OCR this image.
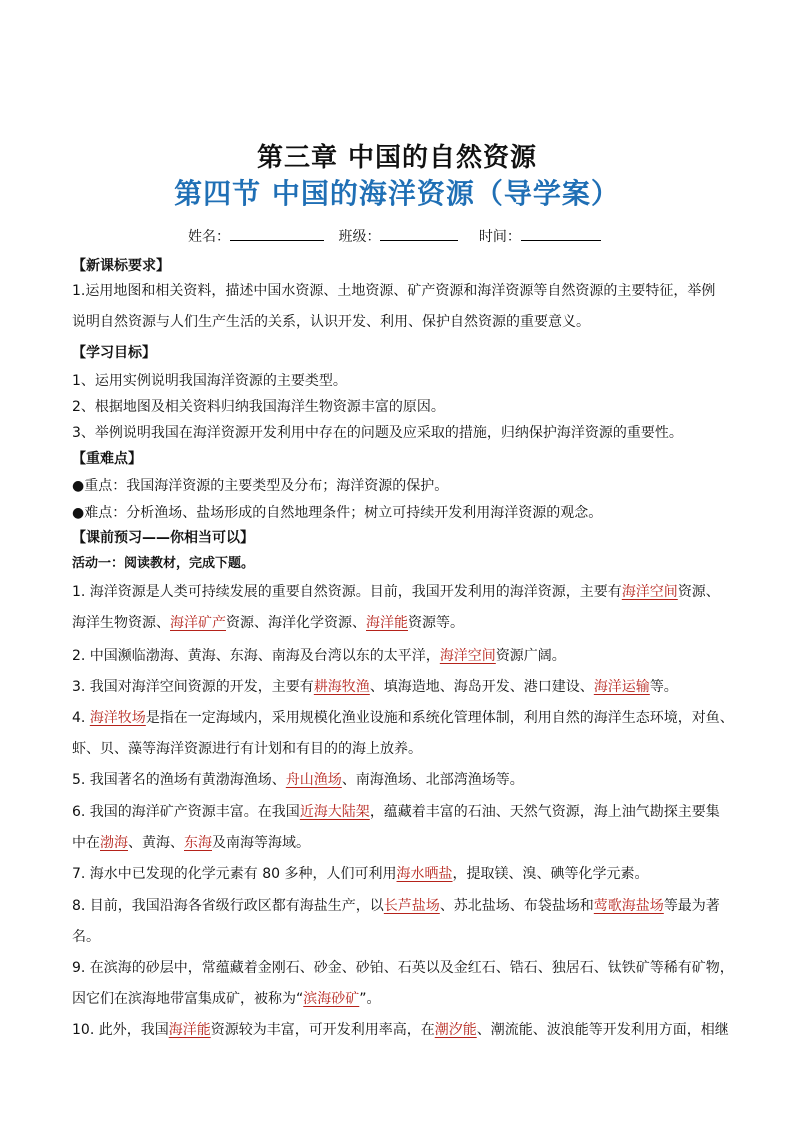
第三章 中国的自然资源
第四节 中国的海洋资源（导学案）
姓名：	班级：	时间：
【新课标要求】
1.运用地图和相关资料，描述中国水资源、土地资源、矿产资源和海洋资源等自然资源的主要特征，举例
说明自然资源与人们生产生活的关系，认识开发、利用、保护自然资源的重要意义。
【学习目标】
1、运用实例说明我国海洋资源的主要类型。
2、根据地图及相关资料归纳我国海洋生物资源丰富的原因。
3、举例说明我国在海洋资源开发利用中存在的问题及应采取的措施，归纳保护海洋资源的重要性。
【重难点】
●重点：我国海洋资源的主要类型及分布；海洋资源的保护。
●难点：分析渔场、盐场形成的自然地理条件；树立可持续开发利用海洋资源的观念。
【课前预习——你相当可以】
活动一：阅读教材，完成下题。
1. 海洋资源是人类可持续发展的重要自然资源。目前，我国开发利用的海洋资源，主要有海洋空间资源、
海洋生物资源、海洋矿产资源、海洋化学资源、海洋能资源等。
2. 中国濒临渤海、黄海、东海、南海及台湾以东的太平洋，海洋空间资源广阔。
3. 我国对海洋空间资源的开发，主要有耕海牧渔、填海造地、海岛开发、港口建设、海洋运输等。
4. 海洋牧场是指在一定海域内，采用规模化渔业设施和系统化管理体制，利用自然的海洋生态环境，对鱼、
虾、贝、藻等海洋资源进行有计划和有目的的海上放养。
5. 我国著名的渔场有黄渤海渔场、舟山渔场、南海渔场、北部湾渔场等。
6. 我国的海洋矿产资源丰富。在我国近海大陆架，蕴藏着丰富的石油、天然气资源，海上油气勘探主要集
中在渤海、黄海、东海及南海等海域。
7. 海水中已发现的化学元素有 80 多种，人们可利用海水晒盐，提取镁、溴、碘等化学元素。
8. 目前，我国沿海各省级行政区都有海盐生产，以长芦盐场、苏北盐场、布袋盐场和莺歌海盐场等最为著
名。
9. 在滨海的砂层中，常蕴藏着金刚石、砂金、砂铂、石英以及金红石、锆石、独居石、钛铁矿等稀有矿物，
因它们在滨海地带富集成矿，被称为“滨海砂矿”。
10. 此外，我国海洋能资源较为丰富，可开发利用率高，在潮汐能、潮流能、波浪能等开发利用方面，相继
